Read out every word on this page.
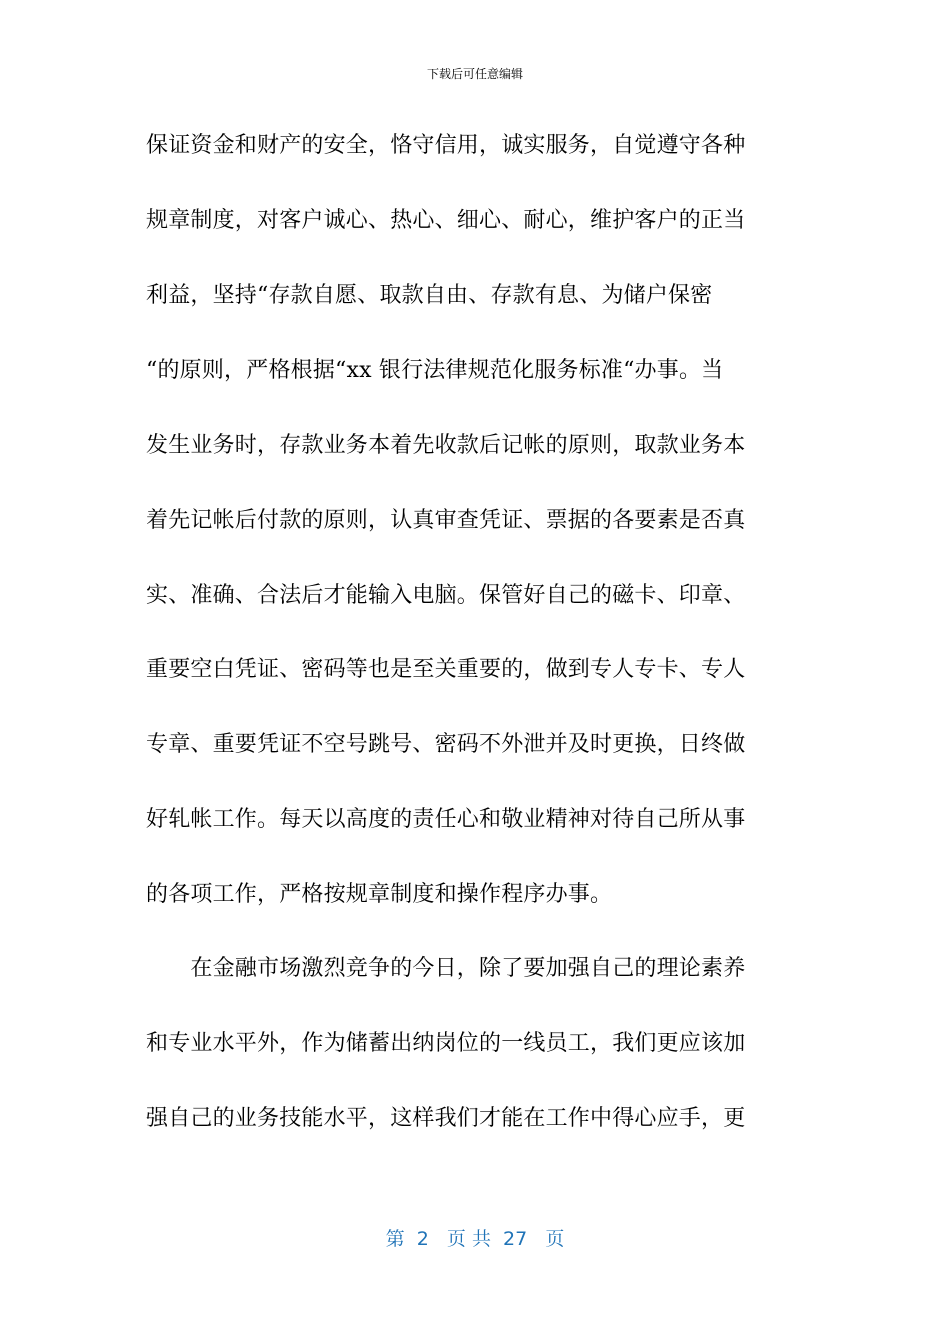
下载后可任意编辑
保证资金和财产的安全，恪守信用，诚实服务，自觉遵守各种
规章制度，对客户诚心、热心、细心、耐心，维护客户的正当
利益，坚持“存款自愿、取款自由、存款有息、为储户保密
“的原则，严格根据“xx 银行法律规范化服务标准“办事。当
发生业务时，存款业务本着先收款后记帐的原则，取款业务本
着先记帐后付款的原则，认真审查凭证、票据的各要素是否真
实、准确、合法后才能输入电脑。保管好自己的磁卡、印章、
重要空白凭证、密码等也是至关重要的，做到专人专卡、专人
专章、重要凭证不空号跳号、密码不外泄并及时更换，日终做
好轧帐工作。每天以高度的责任心和敬业精神对待自己所从事
的各项工作，严格按规章制度和操作程序办事。
　　在金融市场激烈竞争的今日，除了要加强自己的理论素养
和专业水平外，作为储蓄出纳岗位的一线员工，我们更应该加
强自己的业务技能水平，这样我们才能在工作中得心应手，更
第  2   页 共  27   页
